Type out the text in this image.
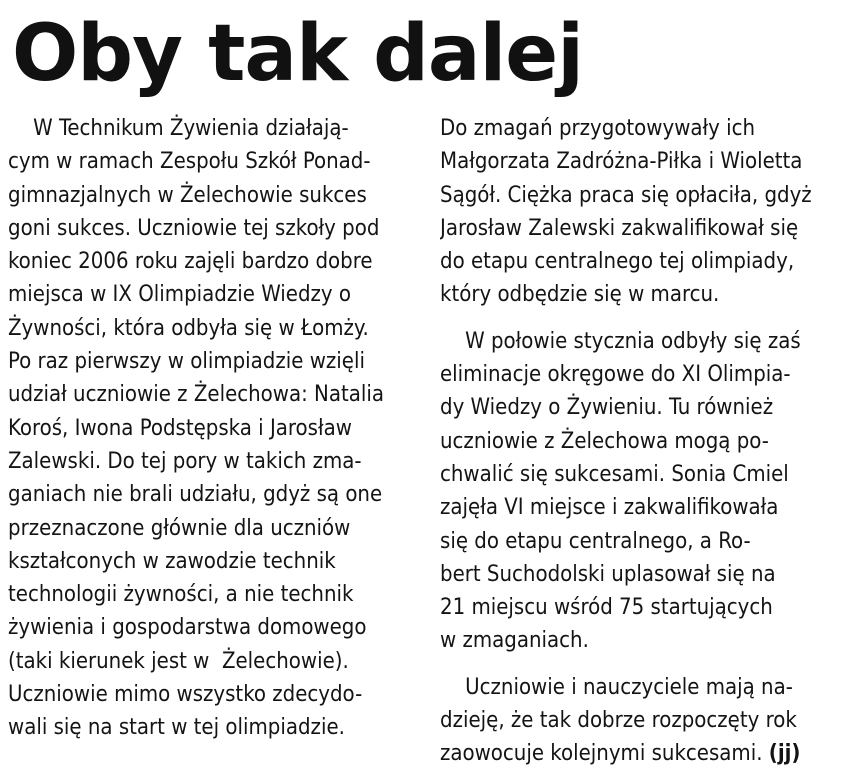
Oby tak dalej
W Technikum Żywienia działają-
cym w ramach Zespołu Szkół Ponad-
gimnazjalnych w Żelechowie sukces
goni sukces. Uczniowie tej szkoły pod
koniec 2006 roku zajęli bardzo dobre
miejsca w IX Olimpiadzie Wiedzy o
Żywności, która odbyła się w Łomży.
Po raz pierwszy w olimpiadzie wzięli
udział uczniowie z Żelechowa: Natalia
Koroś, Iwona Podstępska i Jarosław
Zalewski. Do tej pory w takich zma-
ganiach nie brali udziału, gdyż są one
przeznaczone głównie dla uczniów
kształconych w zawodzie technik
technologii żywności, a nie technik
żywienia i gospodarstwa domowego
(taki kierunek jest w  Żelechowie).
Uczniowie mimo wszystko zdecydo-
wali się na start w tej olimpiadzie.
Do zmagań przygotowywały ich
Małgorzata Zadróżna-Piłka i Wioletta
Sągół. Ciężka praca się opłaciła, gdyż
Jarosław Zalewski zakwalifikował się
do etapu centralnego tej olimpiady,
który odbędzie się w marcu.
W połowie stycznia odbyły się zaś
eliminacje okręgowe do XI Olimpia-
dy Wiedzy o Żywieniu. Tu również
uczniowie z Żelechowa mogą po-
chwalić się sukcesami. Sonia Cmiel
zajęła VI miejsce i zakwalifikowała
się do etapu centralnego, a Ro-
bert Suchodolski uplasował się na
21 miejscu wśród 75 startujących
w zmaganiach.
Uczniowie i nauczyciele mają na-
dzieję, że tak dobrze rozpoczęty rok
zaowocuje kolejnymi sukcesami. (jj)
